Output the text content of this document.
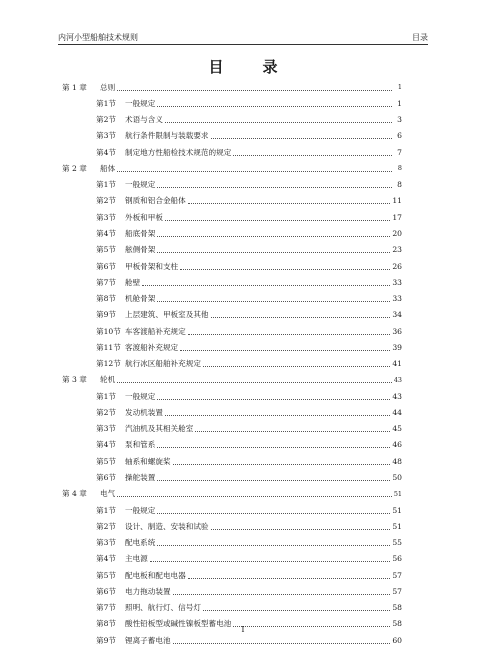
内河小型船舶技术规则	目录
目　录
第 1 章	总则	1
第1节	一般规定	1
第2节	术语与含义	3
第3节	航行条件限制与装载要求	6
第4节	制定地方性船检技术规范的规定	7
第 2 章	船体	8
第1节	一般规定	8
第2节	钢质和铝合金船体	11
第3节	外板和甲板	17
第4节	船底骨架	20
第5节	舷侧骨架	23
第6节	甲板骨架和支柱	26
第7节	舱壁	33
第8节	机舱骨架	33
第9节	上层建筑、甲板室及其他	34
第10节 车客渡船补充规定	36
第11节 客渡船补充规定	39
第12节 航行冰区船舶补充规定	41
第 3 章	轮机	43
第1节	一般规定	43
第2节	发动机装置	44
第3节	汽油机及其相关舱室	45
第4节	泵和管系	46
第5节	轴系和螺旋桨	48
第6节	操舵装置	50
第 4 章	电气	51
第1节	一般规定	51
第2节	设计、制造、安装和试验	51
第3节	配电系统	55
第4节	主电源	56
第5节	配电板和配电电器	57
第6节	电力拖动装置	57
第7节	照明、航行灯、信号灯	58
第8节	酸性铅板型或碱性镍板型蓄电池	58
第9节	锂离子蓄电池	60
I
